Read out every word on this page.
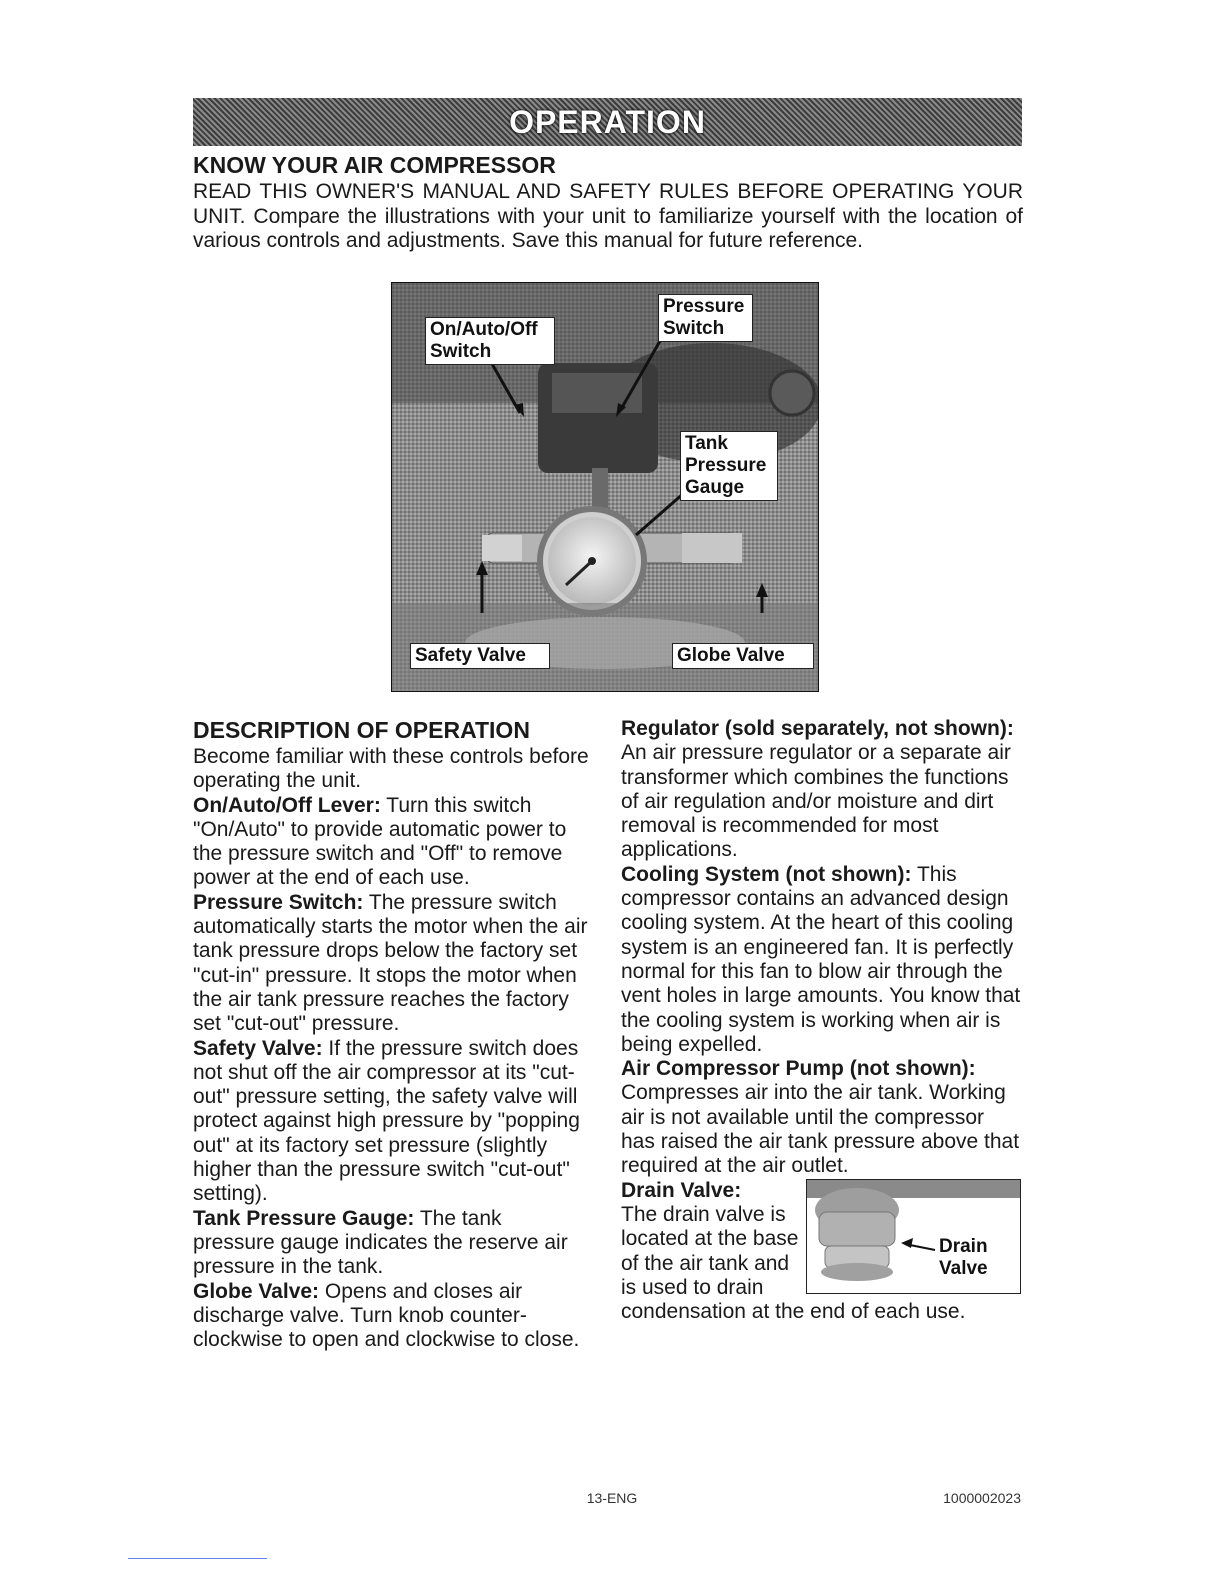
OPERATION
KNOW YOUR AIR COMPRESSOR

READ THIS OWNER'S MANUAL AND SAFETY RULES BEFORE OPERATING YOUR UNIT. Compare the illustrations with your unit to familiarize yourself with the location of various controls and adjustments. Save this manual for future reference.

On/Auto/Off Switch
Pressure Switch
Tank Pressure Gauge
Safety Valve	Globe Valve
DESCRIPTION OF OPERATION

Become familiar with these controls before operating the unit.

On/Auto/Off Lever: Turn this switch "On/Auto" to provide automatic power to the pressure switch and "Off" to remove power at the end of each use.

Pressure Switch: The pressure switch automatically starts the motor when the air tank pressure drops below the factory set "cut-in" pressure. It stops the motor when the air tank pressure reaches the factory set "cut-out" pressure.

Safety Valve: If the pressure switch does not shut off the air compressor at its "cut-out" pressure setting, the safety valve will protect against high pressure by "popping out" at its factory set pressure (slightly higher than the pressure switch "cut-out" setting).

Tank Pressure Gauge: The tank pressure gauge indicates the reserve air pressure in the tank.

Globe Valve: Opens and closes air discharge valve. Turn knob counter-clockwise to open and clockwise to close.

Regulator (sold separately, not shown): An air pressure regulator or a separate air transformer which combines the functions of air regulation and/or moisture and dirt removal is recommended for most applications.

Cooling System (not shown): This compressor contains an advanced design cooling system. At the heart of this cooling system is an engineered fan. It is perfectly normal for this fan to blow air through the vent holes in large amounts. You know that the cooling system is working when air is being expelled.

Air Compressor Pump (not shown): Compresses air into the air tank. Working air is not available until the compressor has raised the air tank pressure above that required at the air outlet.

Drain Valve

Drain Valve:
The drain valve is located at the base of the air tank and is used to drain condensation at the end of each use.

13-ENG	1000002023
